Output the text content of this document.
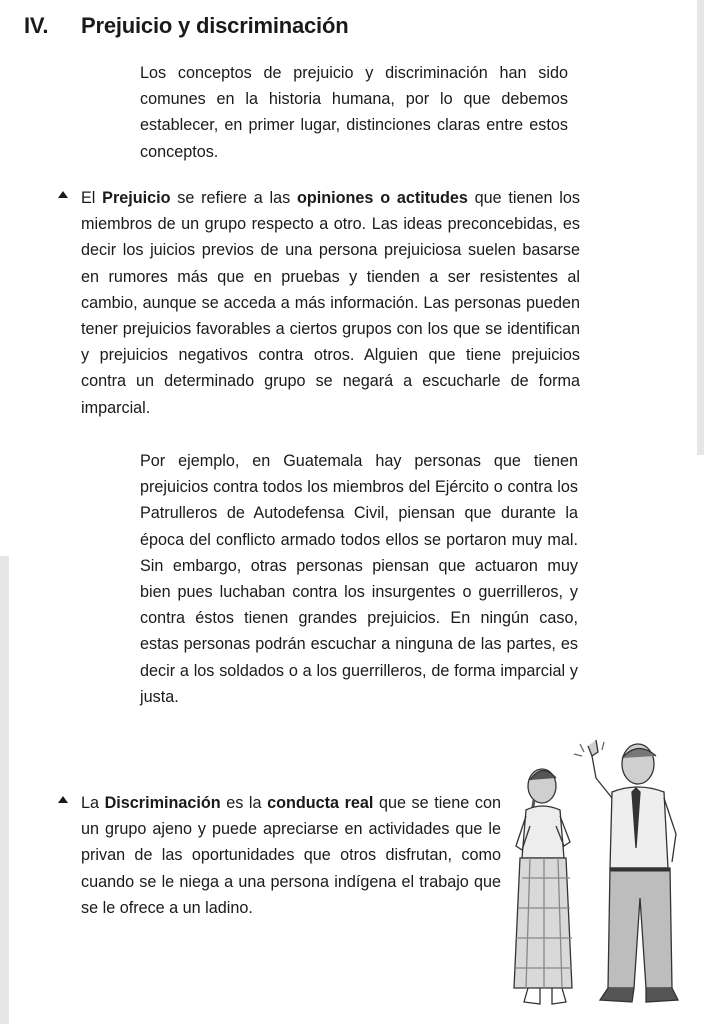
IV. Prejuicio y discriminación

Los conceptos de prejuicio y discriminación han sido comunes en la historia humana, por lo que debemos establecer, en primer lugar, distinciones claras entre estos conceptos.

El Prejuicio se refiere a las opiniones o actitudes que tienen los miembros de un grupo respecto a otro. Las ideas preconcebidas, es decir los juicios previos de una persona prejuiciosa suelen basarse en rumores más que en pruebas y tienden a ser resistentes al cambio, aunque se acceda a más información. Las personas pueden tener prejuicios favorables a ciertos grupos con los que se identifican y prejuicios negativos contra otros. Alguien que tiene prejuicios contra un determinado grupo se negará a escucharle de forma imparcial.

Por ejemplo, en Guatemala hay personas que tienen prejuicios contra todos los miembros del Ejército o contra los Patrulleros de Autodefensa Civil, piensan que durante la época del conflicto armado todos ellos se portaron muy mal. Sin embargo, otras personas piensan que actuaron muy bien pues luchaban contra los insurgentes o guerrilleros, y contra éstos tienen grandes prejuicios. En ningún caso, estas personas podrán escuchar a ninguna de las partes, es decir a los soldados o a los guerrilleros, de forma imparcial y justa.

La Discriminación es la conducta real que se tiene con un grupo ajeno y puede apreciarse en actividades que le privan de las oportunidades que otros disfrutan, como cuando se le niega a una persona indígena el trabajo que se le ofrece a un ladino.
